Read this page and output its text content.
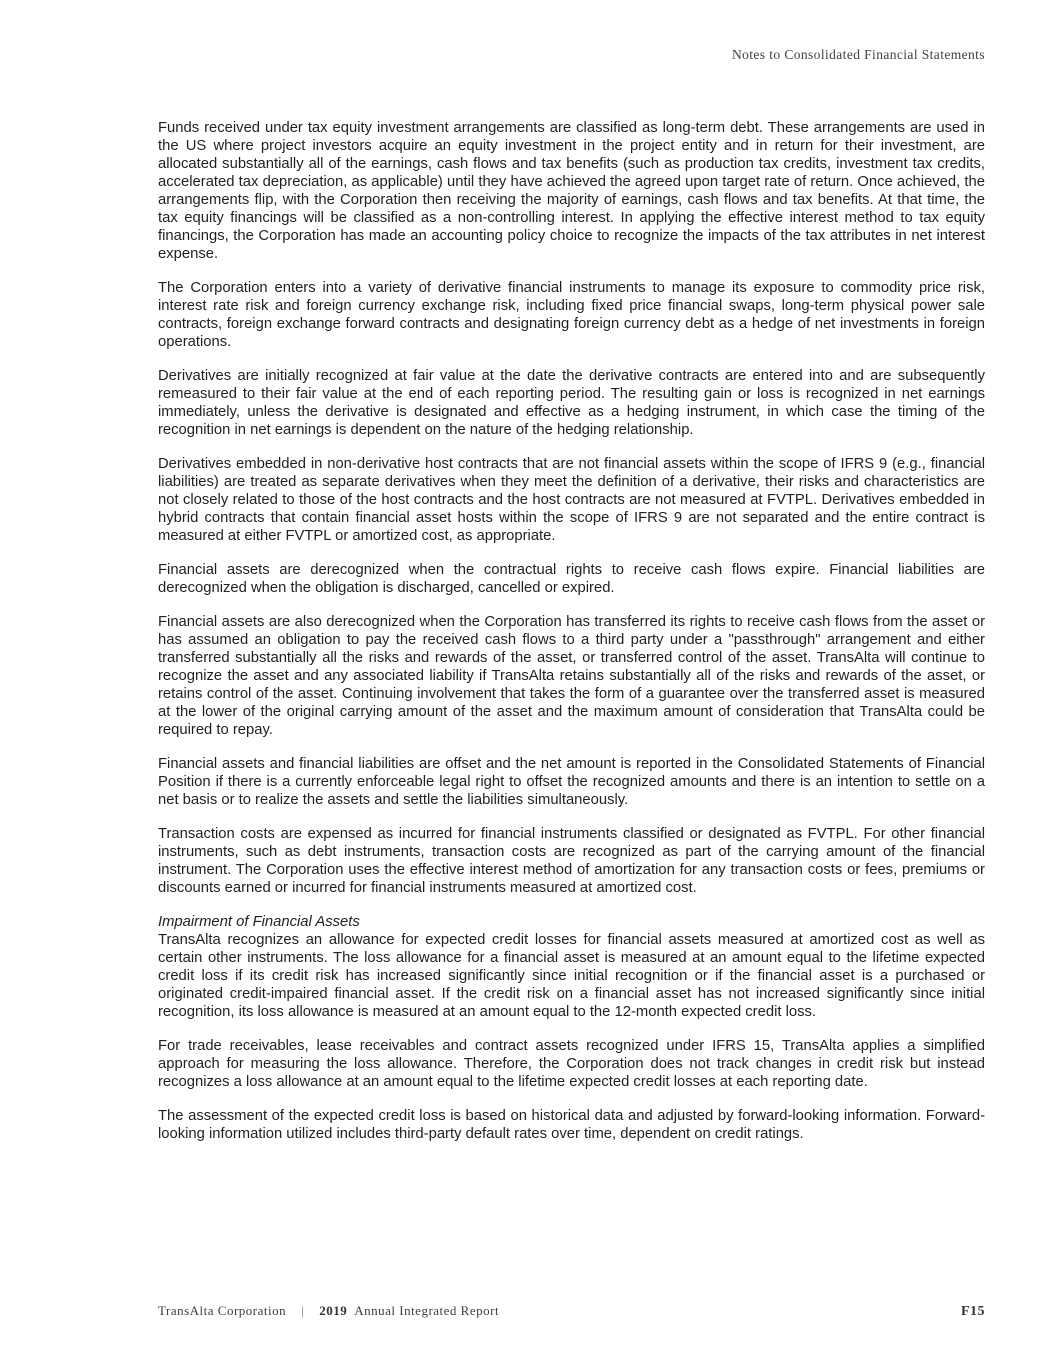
Notes to Consolidated Financial Statements

Funds received under tax equity investment arrangements are classified as long-term debt. These arrangements are used in the US where project investors acquire an equity investment in the project entity and in return for their investment, are allocated substantially all of the earnings, cash flows and tax benefits (such as production tax credits, investment tax credits, accelerated tax depreciation, as applicable) until they have achieved the agreed upon target rate of return. Once achieved, the arrangements flip, with the Corporation then receiving the majority of earnings, cash flows and tax benefits. At that time, the tax equity financings will be classified as a non-controlling interest. In applying the effective interest method to tax equity financings, the Corporation has made an accounting policy choice to recognize the impacts of the tax attributes in net interest expense.

The Corporation enters into a variety of derivative financial instruments to manage its exposure to commodity price risk, interest rate risk and foreign currency exchange risk, including fixed price financial swaps, long-term physical power sale contracts, foreign exchange forward contracts and designating foreign currency debt as a hedge of net investments in foreign operations.

Derivatives are initially recognized at fair value at the date the derivative contracts are entered into and are subsequently remeasured to their fair value at the end of each reporting period. The resulting gain or loss is recognized in net earnings immediately, unless the derivative is designated and effective as a hedging instrument, in which case the timing of the recognition in net earnings is dependent on the nature of the hedging relationship.

Derivatives embedded in non-derivative host contracts that are not financial assets within the scope of IFRS 9 (e.g., financial liabilities) are treated as separate derivatives when they meet the definition of a derivative, their risks and characteristics are not closely related to those of the host contracts and the host contracts are not measured at FVTPL. Derivatives embedded in hybrid contracts that contain financial asset hosts within the scope of IFRS 9 are not separated and the entire contract is measured at either FVTPL or amortized cost, as appropriate.

Financial assets are derecognized when the contractual rights to receive cash flows expire. Financial liabilities are derecognized when the obligation is discharged, cancelled or expired.

Financial assets are also derecognized when the Corporation has transferred its rights to receive cash flows from the asset or has assumed an obligation to pay the received cash flows to a third party under a "passthrough" arrangement and either transferred substantially all the risks and rewards of the asset, or transferred control of the asset. TransAlta will continue to recognize the asset and any associated liability if TransAlta retains substantially all of the risks and rewards of the asset, or retains control of the asset. Continuing involvement that takes the form of a guarantee over the transferred asset is measured at the lower of the original carrying amount of the asset and the maximum amount of consideration that TransAlta could be required to repay.

Financial assets and financial liabilities are offset and the net amount is reported in the Consolidated Statements of Financial Position if there is a currently enforceable legal right to offset the recognized amounts and there is an intention to settle on a net basis or to realize the assets and settle the liabilities simultaneously.

Transaction costs are expensed as incurred for financial instruments classified or designated as FVTPL. For other financial instruments, such as debt instruments, transaction costs are recognized as part of the carrying amount of the financial instrument. The Corporation uses the effective interest method of amortization for any transaction costs or fees, premiums or discounts earned or incurred for financial instruments measured at amortized cost.

Impairment of Financial Assets

TransAlta recognizes an allowance for expected credit losses for financial assets measured at amortized cost as well as certain other instruments. The loss allowance for a financial asset is measured at an amount equal to the lifetime expected credit loss if its credit risk has increased significantly since initial recognition or if the financial asset is a purchased or originated credit-impaired financial asset. If the credit risk on a financial asset has not increased significantly since initial recognition, its loss allowance is measured at an amount equal to the 12-month expected credit loss.

For trade receivables, lease receivables and contract assets recognized under IFRS 15, TransAlta applies a simplified approach for measuring the loss allowance. Therefore, the Corporation does not track changes in credit risk but instead recognizes a loss allowance at an amount equal to the lifetime expected credit losses at each reporting date.

The assessment of the expected credit loss is based on historical data and adjusted by forward-looking information. Forward-looking information utilized includes third-party default rates over time, dependent on credit ratings.

TransAlta Corporation | 2019 Annual Integrated Report	F15
